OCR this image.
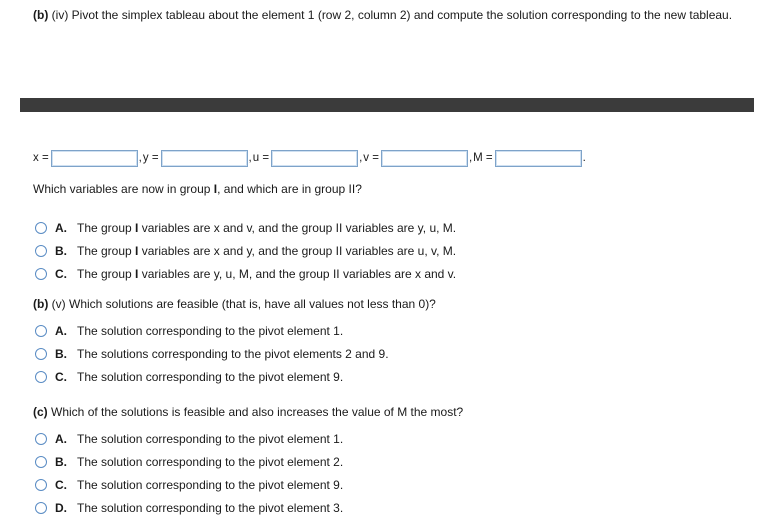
(b) (iv) Pivot the simplex tableau about the element 1 (row 2, column 2) and compute the solution corresponding to the new tableau.
x =	, y =	, u =	, v =	, M =	.
Which variables are now in group I, and which are in group II?
A. The group I variables are x and v, and the group II variables are y, u, M.
B. The group I variables are x and y, and the group II variables are u, v, M.
C. The group I variables are y, u, M, and the group II variables are x and v.
(b) (v) Which solutions are feasible (that is, have all values not less than 0)?
A. The solution corresponding to the pivot element 1.
B. The solutions corresponding to the pivot elements 2 and 9.
C. The solution corresponding to the pivot element 9.
(c) Which of the solutions is feasible and also increases the value of M the most?
A. The solution corresponding to the pivot element 1.
B. The solution corresponding to the pivot element 2.
C. The solution corresponding to the pivot element 9.
D. The solution corresponding to the pivot element 3.
